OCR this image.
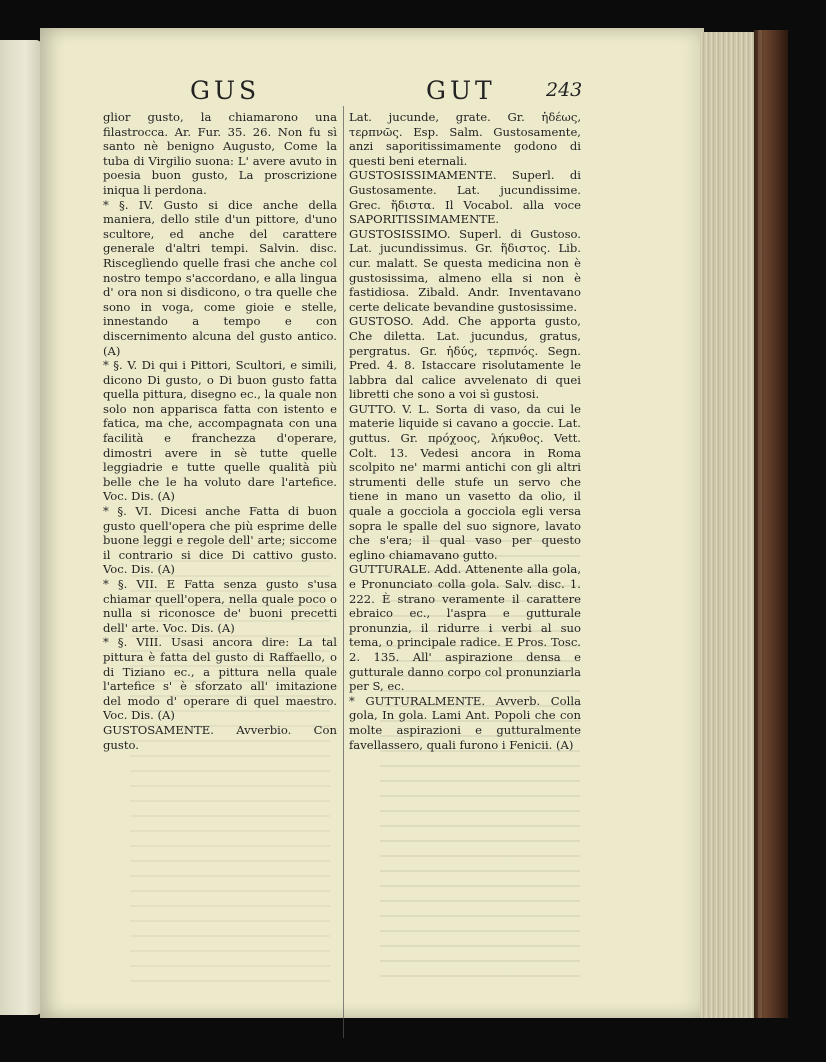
GUS	GUT	243

glior gusto, la chiamarono una filastrocca. Ar. Fur. 35. 26. Non fu sì santo nè benigno Augusto, Come la tuba di Virgilio suona: L' avere avuto in poesia buon gusto, La proscrizione iniqua li perdona.

* §. IV. Gusto si dice anche della maniera, dello stile d'un pittore, d'uno scultore, ed anche del carattere generale d'altri tempi. Salvin. disc. Risceglìendo quelle frasi che anche col nostro tempo s'accordano, e alla lingua d' ora non si disdicono, o tra quelle che sono in voga, come gioie e stelle, innestando a tempo e con discernimento alcuna del gusto antico. (A)

* §. V. Di qui i Pittori, Scultori, e simili, dicono Di gusto, o Di buon gusto fatta quella pittura, disegno ec., la quale non solo non apparisca fatta con istento e fatica, ma che, accompagnata con una facilità e franchezza d'operare, dimostri avere in sè tutte quelle leggiadrie e tutte quelle qualità più belle che le ha voluto dare l'artefice. Voc. Dis. (A)

* §. VI. Dicesi anche Fatta di buon gusto quell'opera che più esprime delle buone leggi e regole dell' arte; siccome il contrario si dice Di cattivo gusto. Voc. Dis. (A)

* §. VII. E Fatta senza gusto s'usa chiamar quell'opera, nella quale poco o nulla si riconosce de' buoni precetti dell' arte. Voc. Dis. (A)

* §. VIII. Usasi ancora dire: La tal pittura è fatta del gusto di Raffaello, o di Tiziano ec., a pittura nella quale l'artefice s' è sforzato all' imitazione del modo d' operare di quel maestro. Voc. Dis. (A)

GUSTOSAMENTE. Avverbio. Con gusto.

Lat. jucunde, grate. Gr. ἡδέως, τερπνῶς. Esp. Salm. Gustosamente, anzi saporitissimamente godono di questi beni eternali.

GUSTOSISSIMAMENTE. Superl. di Gustosamente. Lat. jucundissime. Grec. ἥδιστα. Il Vocabol. alla voce SAPORITISSIMAMENTE.

GUSTOSISSIMO. Superl. di Gustoso. Lat. jucundissimus. Gr. ἥδιστος. Lib. cur. malatt. Se questa medicina non è gustosissima, almeno ella si non è fastidiosa. Zibald. Andr. Inventavano certe delicate bevandine gustosissime.

GUSTOSO. Add. Che apporta gusto, Che diletta. Lat. jucundus, gratus, pergratus. Gr. ἡδύς, τερπνός. Segn. Pred. 4. 8. Istaccare risolutamente le labbra dal calice avvelenato di quei libretti che sono a voi sì gustosi.

GUTTO. V. L. Sorta di vaso, da cui le materie liquide si cavano a goccie. Lat. guttus. Gr. πρόχοος, λήκυθος. Vett. Colt. 13. Vedesi ancora in Roma scolpito ne' marmi antichi con gli altri strumenti delle stufe un servo che tiene in mano un vasetto da olio, il quale a gocciola a gocciola egli versa sopra le spalle del suo signore, lavato che s'era; il qual vaso per questo eglino chiamavano gutto.

GUTTURALE. Add. Attenente alla gola, e Pronunciato colla gola. Salv. disc. 1. 222. È strano veramente il carattere ebraico ec., l'aspra e gutturale pronunzia, il ridurre i verbi al suo tema, o principale radice. E Pros. Tosc. 2. 135. All' aspirazione densa e gutturale danno corpo col pronunziarla per S, ec.

* GUTTURALMENTE. Avverb. Colla gola, In gola. Lami Ant. Popoli che con molte aspirazioni e gutturalmente favellassero, quali furono i Fenicii. (A)
